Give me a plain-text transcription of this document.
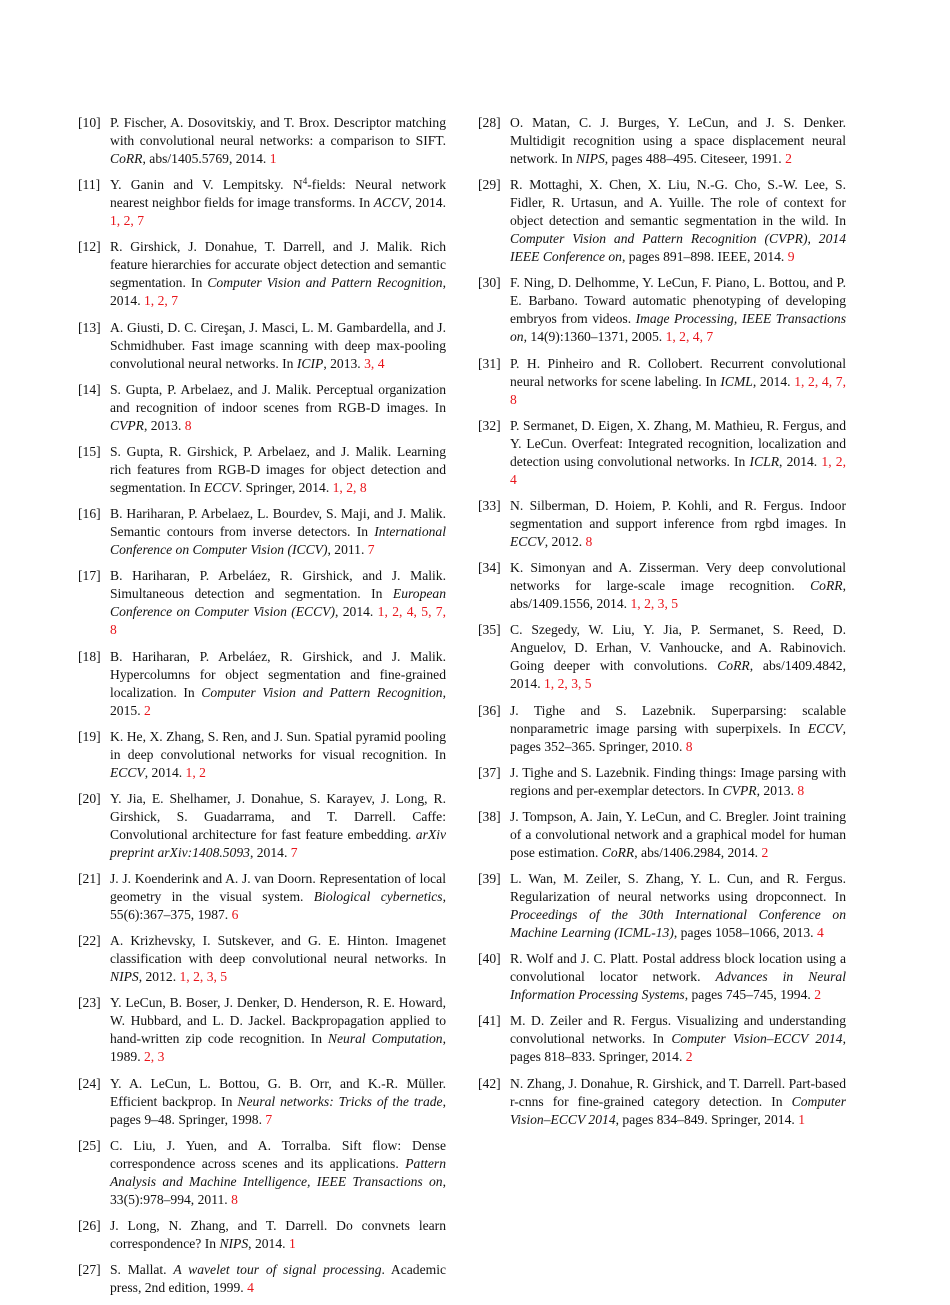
[10] P. Fischer, A. Dosovitskiy, and T. Brox. Descriptor matching with convolutional neural networks: a comparison to SIFT. CoRR, abs/1405.5769, 2014. 1
[11] Y. Ganin and V. Lempitsky. $N^4$-fields: Neural network nearest neighbor fields for image transforms. In ACCV, 2014. 1, 2, 7
[12] R. Girshick, J. Donahue, T. Darrell, and J. Malik. Rich feature hierarchies for accurate object detection and semantic segmentation. In Computer Vision and Pattern Recognition, 2014. 1, 2, 7
[13] A. Giusti, D. C. Cireşan, J. Masci, L. M. Gambardella, and J. Schmidhuber. Fast image scanning with deep max-pooling convolutional neural networks. In ICIP, 2013. 3, 4
[14] S. Gupta, P. Arbelaez, and J. Malik. Perceptual organization and recognition of indoor scenes from RGB-D images. In CVPR, 2013. 8
[15] S. Gupta, R. Girshick, P. Arbelaez, and J. Malik. Learning rich features from RGB-D images for object detection and segmentation. In ECCV. Springer, 2014. 1, 2, 8
[16] B. Hariharan, P. Arbelaez, L. Bourdev, S. Maji, and J. Malik. Semantic contours from inverse detectors. In International Conference on Computer Vision (ICCV), 2011. 7
[17] B. Hariharan, P. Arbeláez, R. Girshick, and J. Malik. Simultaneous detection and segmentation. In European Conference on Computer Vision (ECCV), 2014. 1, 2, 4, 5, 7, 8
[18] B. Hariharan, P. Arbeláez, R. Girshick, and J. Malik. Hypercolumns for object segmentation and fine-grained localization. In Computer Vision and Pattern Recognition, 2015. 2
[19] K. He, X. Zhang, S. Ren, and J. Sun. Spatial pyramid pooling in deep convolutional networks for visual recognition. In ECCV, 2014. 1, 2
[20] Y. Jia, E. Shelhamer, J. Donahue, S. Karayev, J. Long, R. Girshick, S. Guadarrama, and T. Darrell. Caffe: Convolutional architecture for fast feature embedding. arXiv preprint arXiv:1408.5093, 2014. 7
[21] J. J. Koenderink and A. J. van Doorn. Representation of local geometry in the visual system. Biological cybernetics, 55(6):367–375, 1987. 6
[22] A. Krizhevsky, I. Sutskever, and G. E. Hinton. Imagenet classification with deep convolutional neural networks. In NIPS, 2012. 1, 2, 3, 5
[23] Y. LeCun, B. Boser, J. Denker, D. Henderson, R. E. Howard, W. Hubbard, and L. D. Jackel. Backpropagation applied to hand-written zip code recognition. In Neural Computation, 1989. 2, 3
[24] Y. A. LeCun, L. Bottou, G. B. Orr, and K.-R. Müller. Efficient backprop. In Neural networks: Tricks of the trade, pages 9–48. Springer, 1998. 7
[25] C. Liu, J. Yuen, and A. Torralba. Sift flow: Dense correspondence across scenes and its applications. Pattern Analysis and Machine Intelligence, IEEE Transactions on, 33(5):978–994, 2011. 8
[26] J. Long, N. Zhang, and T. Darrell. Do convnets learn correspondence? In NIPS, 2014. 1
[27] S. Mallat. A wavelet tour of signal processing. Academic press, 2nd edition, 1999. 4
[28] O. Matan, C. J. Burges, Y. LeCun, and J. S. Denker. Multidigit recognition using a space displacement neural network. In NIPS, pages 488–495. Citeseer, 1991. 2
[29] R. Mottaghi, X. Chen, X. Liu, N.-G. Cho, S.-W. Lee, S. Fidler, R. Urtasun, and A. Yuille. The role of context for object detection and semantic segmentation in the wild. In Computer Vision and Pattern Recognition (CVPR), 2014 IEEE Conference on, pages 891–898. IEEE, 2014. 9
[30] F. Ning, D. Delhomme, Y. LeCun, F. Piano, L. Bottou, and P. E. Barbano. Toward automatic phenotyping of developing embryos from videos. Image Processing, IEEE Transactions on, 14(9):1360–1371, 2005. 1, 2, 4, 7
[31] P. H. Pinheiro and R. Collobert. Recurrent convolutional neural networks for scene labeling. In ICML, 2014. 1, 2, 4, 7, 8
[32] P. Sermanet, D. Eigen, X. Zhang, M. Mathieu, R. Fergus, and Y. LeCun. Overfeat: Integrated recognition, localization and detection using convolutional networks. In ICLR, 2014. 1, 2, 4
[33] N. Silberman, D. Hoiem, P. Kohli, and R. Fergus. Indoor segmentation and support inference from rgbd images. In ECCV, 2012. 8
[34] K. Simonyan and A. Zisserman. Very deep convolutional networks for large-scale image recognition. CoRR, abs/1409.1556, 2014. 1, 2, 3, 5
[35] C. Szegedy, W. Liu, Y. Jia, P. Sermanet, S. Reed, D. Anguelov, D. Erhan, V. Vanhoucke, and A. Rabinovich. Going deeper with convolutions. CoRR, abs/1409.4842, 2014. 1, 2, 3, 5
[36] J. Tighe and S. Lazebnik. Superparsing: scalable nonparametric image parsing with superpixels. In ECCV, pages 352–365. Springer, 2010. 8
[37] J. Tighe and S. Lazebnik. Finding things: Image parsing with regions and per-exemplar detectors. In CVPR, 2013. 8
[38] J. Tompson, A. Jain, Y. LeCun, and C. Bregler. Joint training of a convolutional network and a graphical model for human pose estimation. CoRR, abs/1406.2984, 2014. 2
[39] L. Wan, M. Zeiler, S. Zhang, Y. L. Cun, and R. Fergus. Regularization of neural networks using dropconnect. In Proceedings of the 30th International Conference on Machine Learning (ICML-13), pages 1058–1066, 2013. 4
[40] R. Wolf and J. C. Platt. Postal address block location using a convolutional locator network. Advances in Neural Information Processing Systems, pages 745–745, 1994. 2
[41] M. D. Zeiler and R. Fergus. Visualizing and understanding convolutional networks. In Computer Vision–ECCV 2014, pages 818–833. Springer, 2014. 2
[42] N. Zhang, J. Donahue, R. Girshick, and T. Darrell. Part-based r-cnns for fine-grained category detection. In Computer Vision–ECCV 2014, pages 834–849. Springer, 2014. 1
